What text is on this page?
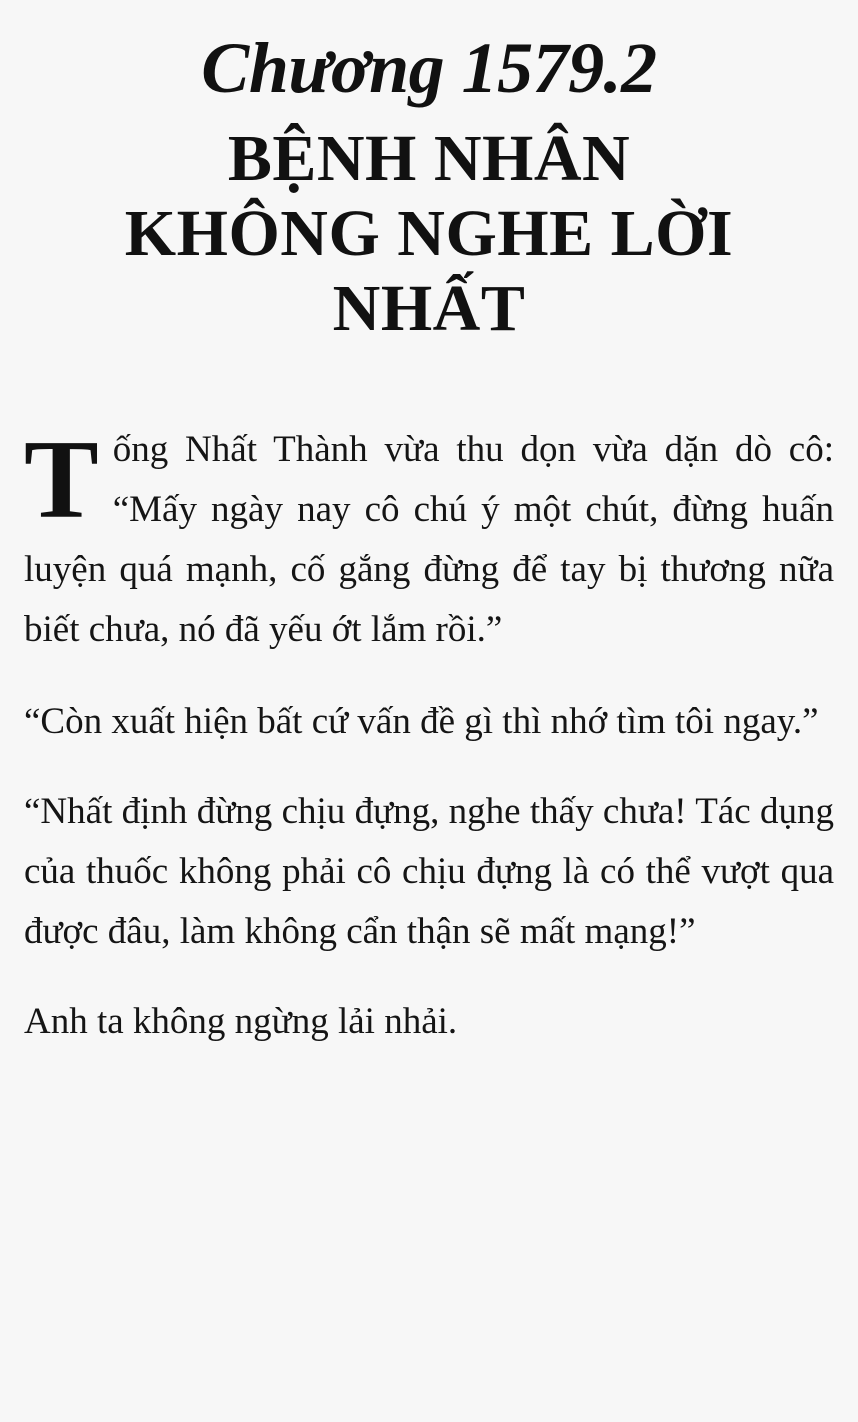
Chương 1579.2
BỆNH NHÂN
KHÔNG NGHE LỜI
NHẤT

Tống Nhất Thành vừa thu dọn vừa dặn dò cô: “Mấy ngày nay cô chú ý một chút, đừng huấn luyện quá mạnh, cố gắng đừng để tay bị thương nữa biết chưa, nó đã yếu ớt lắm rồi.”

“Còn xuất hiện bất cứ vấn đề gì thì nhớ tìm tôi ngay.”

“Nhất định đừng chịu đựng, nghe thấy chưa! Tác dụng của thuốc không phải cô chịu đựng là có thể vượt qua được đâu, làm không cẩn thận sẽ mất mạng!”

Anh ta không ngừng lải nhải.
